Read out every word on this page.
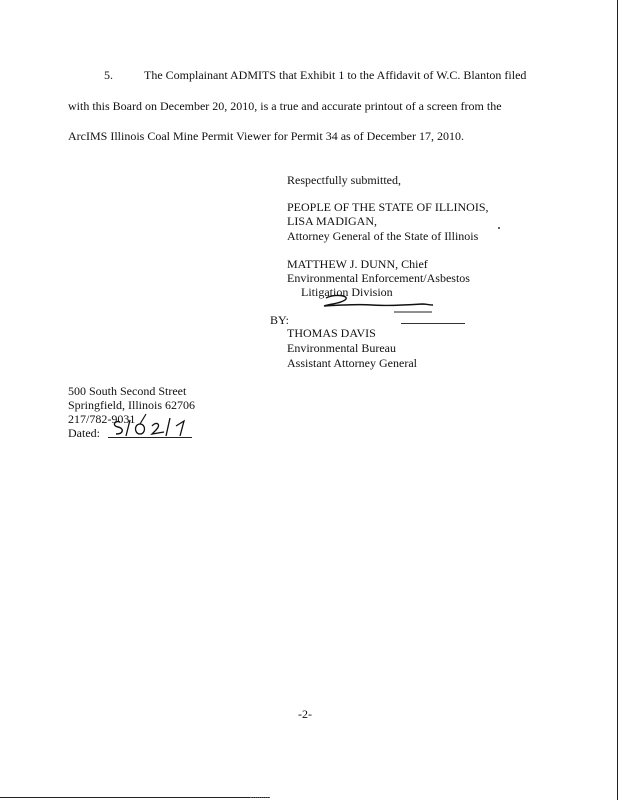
5.	The Complainant ADMITS that Exhibit 1 to the Affidavit of W.C. Blanton filed
with this Board on December 20, 2010, is a true and accurate printout of a screen from the
ArcIMS Illinois Coal Mine Permit Viewer for Permit 34 as of December 17, 2010.
Respectfully submitted,
PEOPLE OF THE STATE OF ILLINOIS,
LISA MADIGAN,
Attorney General of the State of Illinois
MATTHEW J. DUNN, Chief
Environmental Enforcement/Asbestos
Litigation Division
BY:
THOMAS DAVIS
Environmental Bureau
Assistant Attorney General
500 South Second Street
Springfield, Illinois 62706
217/782-9031
Dated:
-2-
